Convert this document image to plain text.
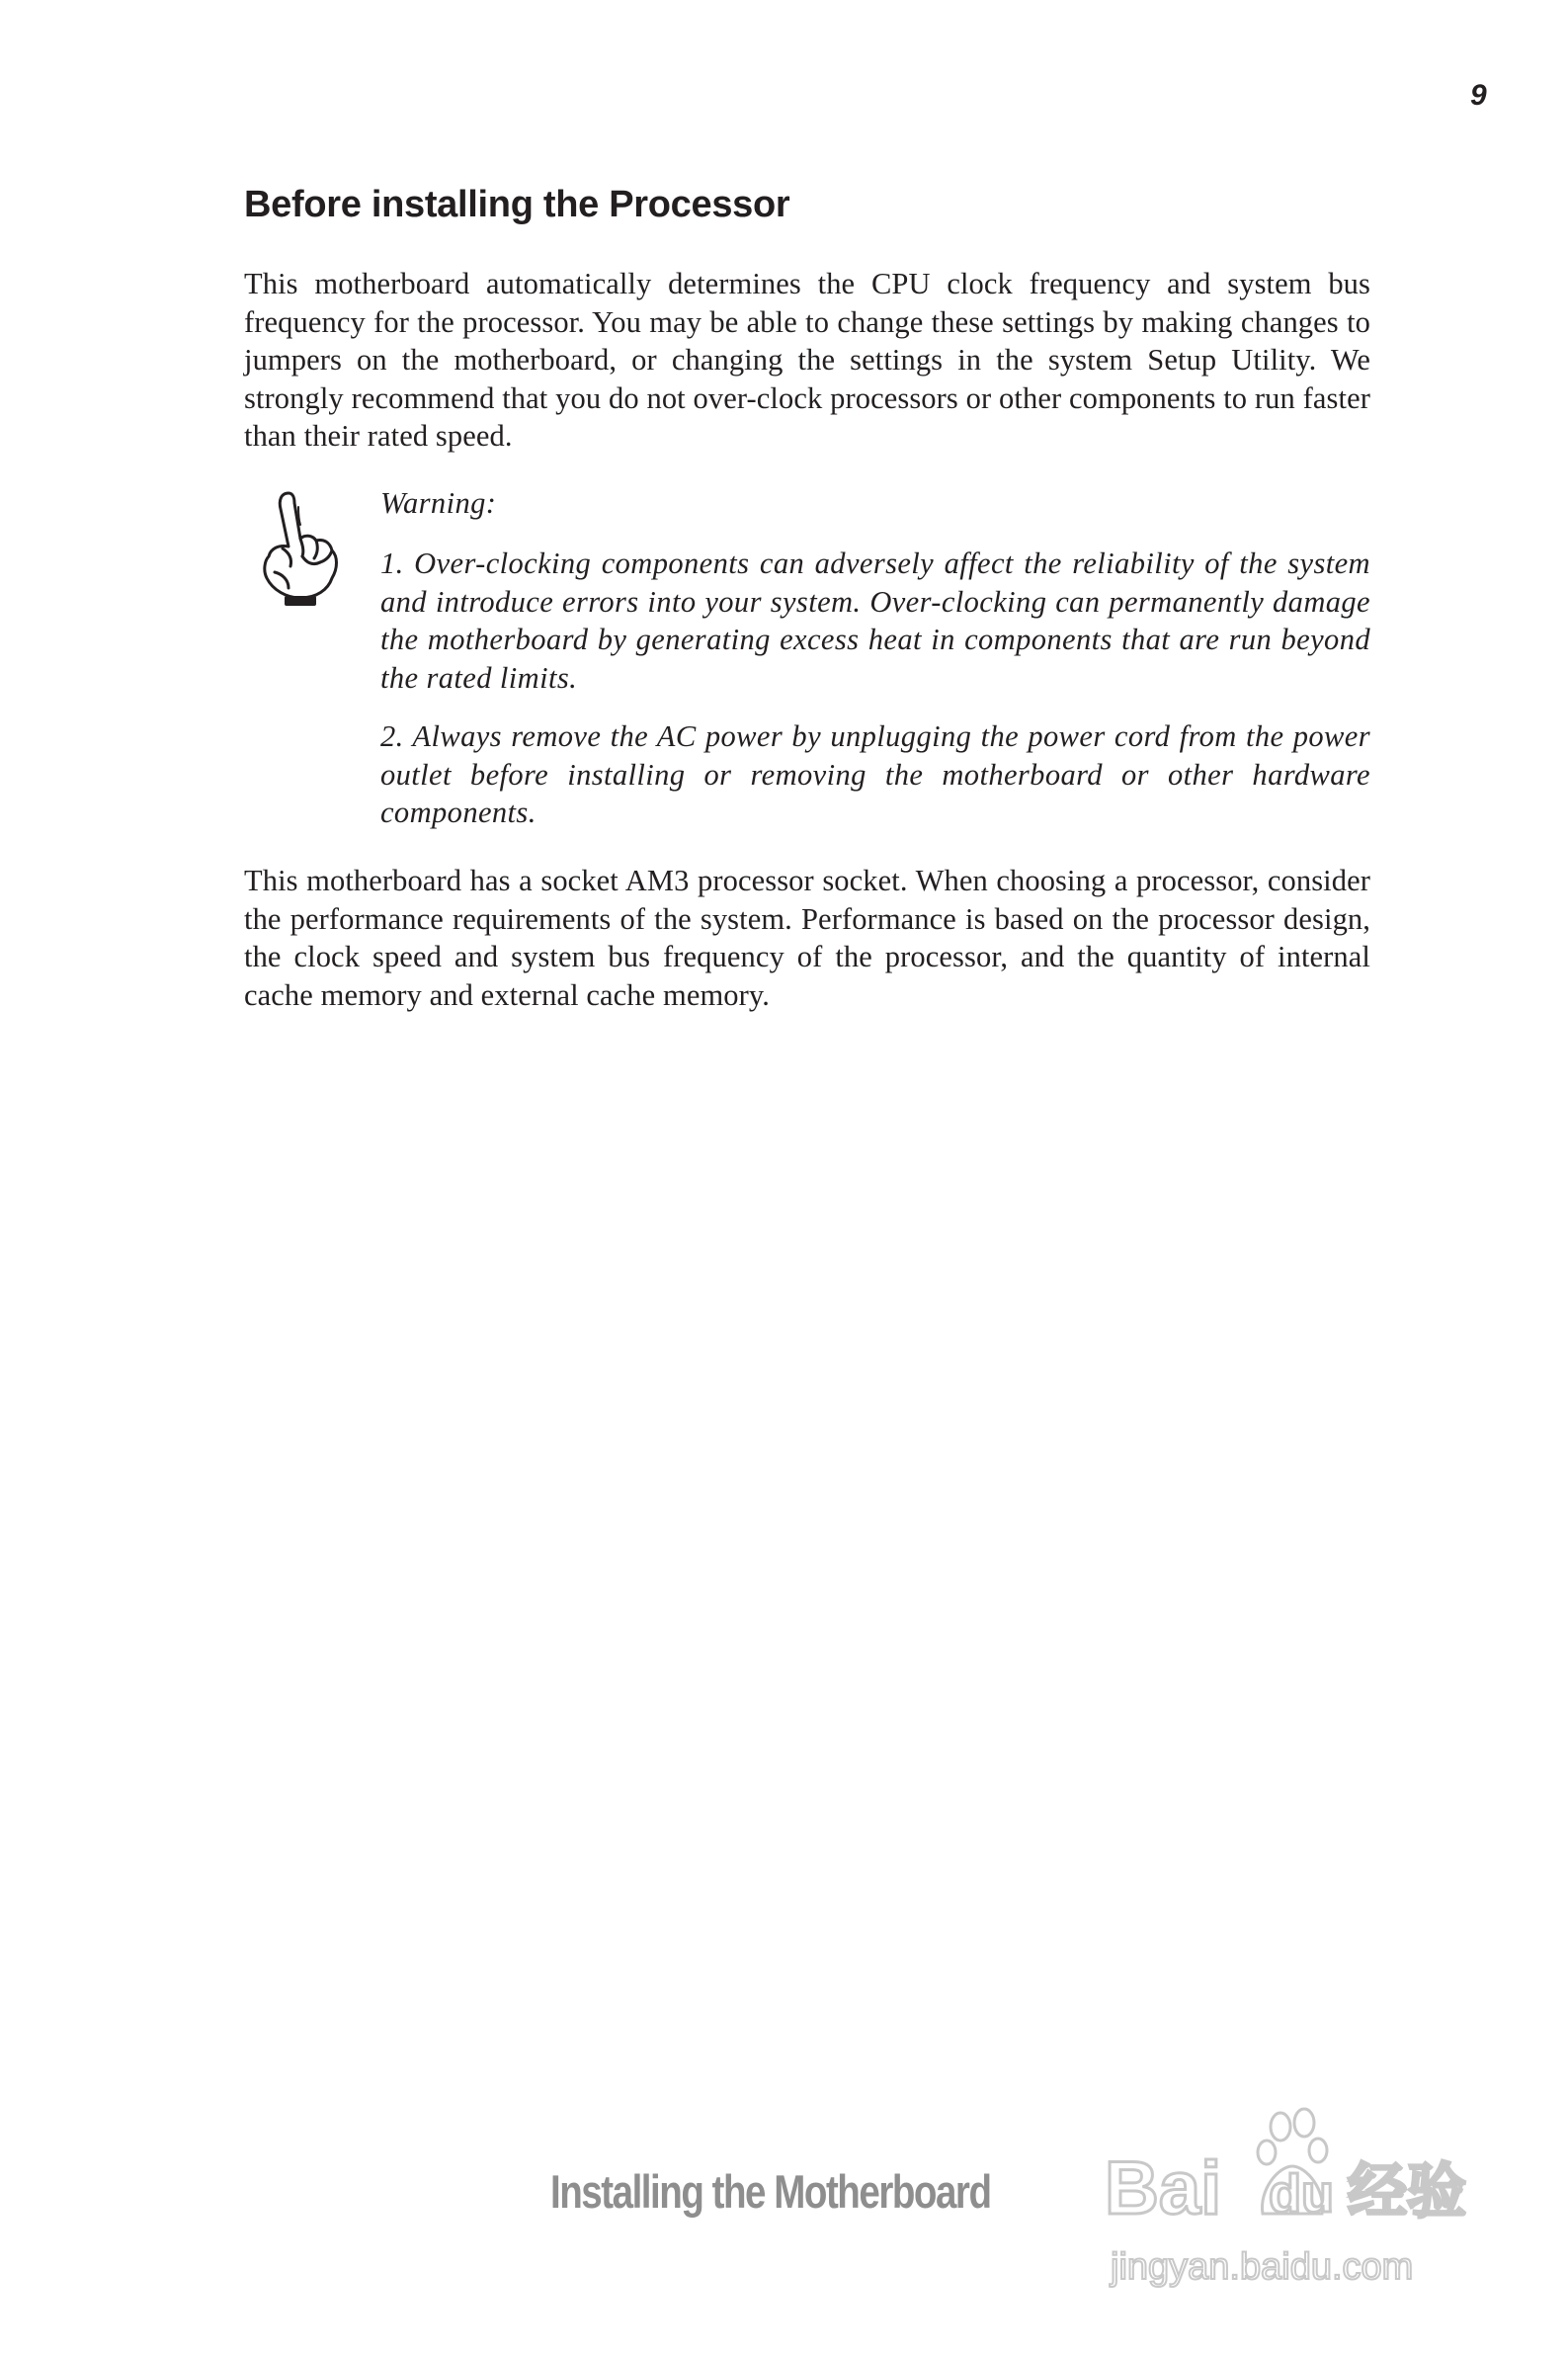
9
Before installing the Processor

This motherboard automatically determines the CPU clock frequency and system bus frequency for the processor. You may be able to change these settings by making changes to jumpers on the motherboard, or changing the settings in the system Setup Utility. We strongly recommend that you do not over-clock processors or other components to run faster than their rated speed.

Warning:

1. Over-clocking components can adversely affect the reliability of the system and introduce errors into your system. Over-clocking can permanently damage the motherboard by generating excess heat in components that are run beyond the rated limits.

2. Always remove the AC power by unplugging the power cord from the power outlet before installing or removing the motherboard or other hardware components.

This motherboard has a socket AM3 processor socket. When choosing a processor, consider the performance requirements of the system. Performance is based on the processor design, the clock speed and system bus frequency of the processor, and the quantity of internal cache memory and external cache memory.

Installing the Motherboard Bai du 经验
jingyan.baidu.com
